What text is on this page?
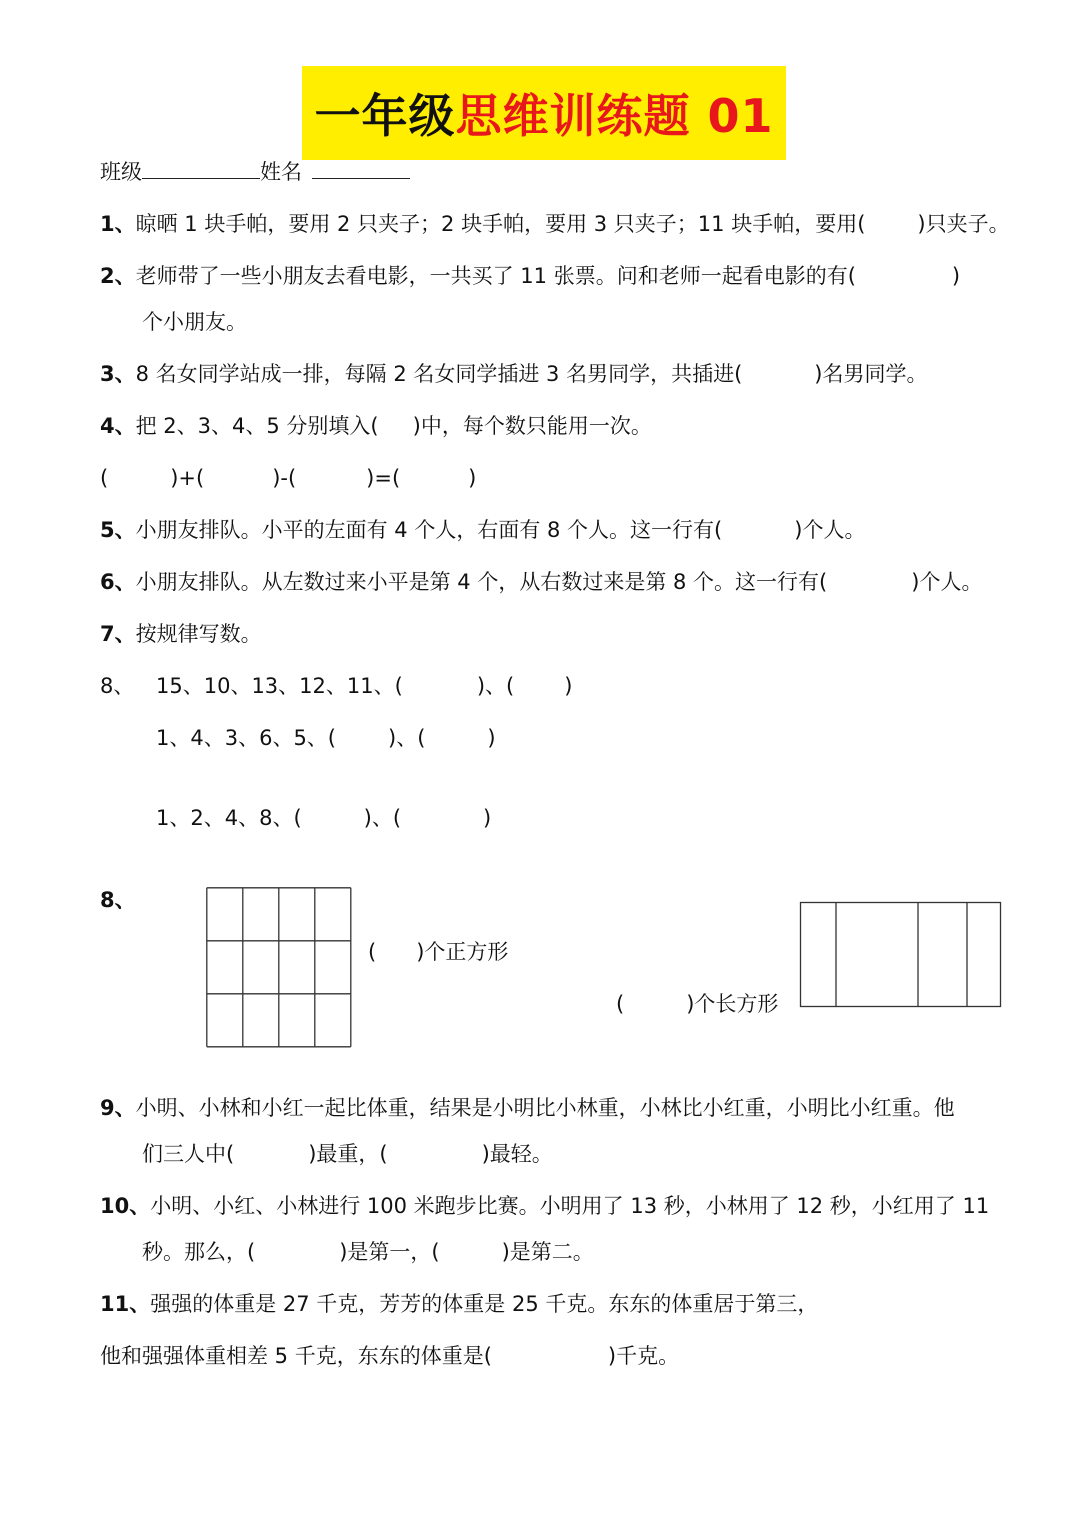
一年级思维训练题 01
班级	姓名
1、晾晒 1 块手帕，要用 2 只夹子；2 块手帕，要用 3 只夹子；11 块手帕，要用( )只夹子。
2、老师带了一些小朋友去看电影，一共买了 11 张票。问和老师一起看电影的有(	)
个小朋友。
3、8 名女同学站成一排，每隔 2 名女同学插进 3 名男同学，共插进(	)名男同学。
4、把 2、3、4、5 分别填入( )中，每个数只能用一次。
(	)+(	)-(	)=(	)
5、小朋友排队。小平的左面有 4 个人，右面有 8 个人。这一行有(	)个人。
6、小朋友排队。从左数过来小平是第 4 个，从右数过来是第 8 个。这一行有(	)个人。
7、按规律写数。
8、 15、10、13、12、11、(	)、( )
1、4、3、6、5、( )、(	)
1、2、4、8、(	)、(	)
8、
( )个正方形
(	)个长方形
9、小明、小林和小红一起比体重，结果是小明比小林重，小林比小红重，小明比小红重。他
们三人中(	)最重，(	)最轻。
10、小明、小红、小林进行 100 米跑步比赛。小明用了 13 秒，小林用了 12 秒，小红用了 11
秒。那么，(	)是第一，(	)是第二。
11、强强的体重是 27 千克，芳芳的体重是 25 千克。东东的体重居于第三，
他和强强体重相差 5 千克，东东的体重是(	)千克。
